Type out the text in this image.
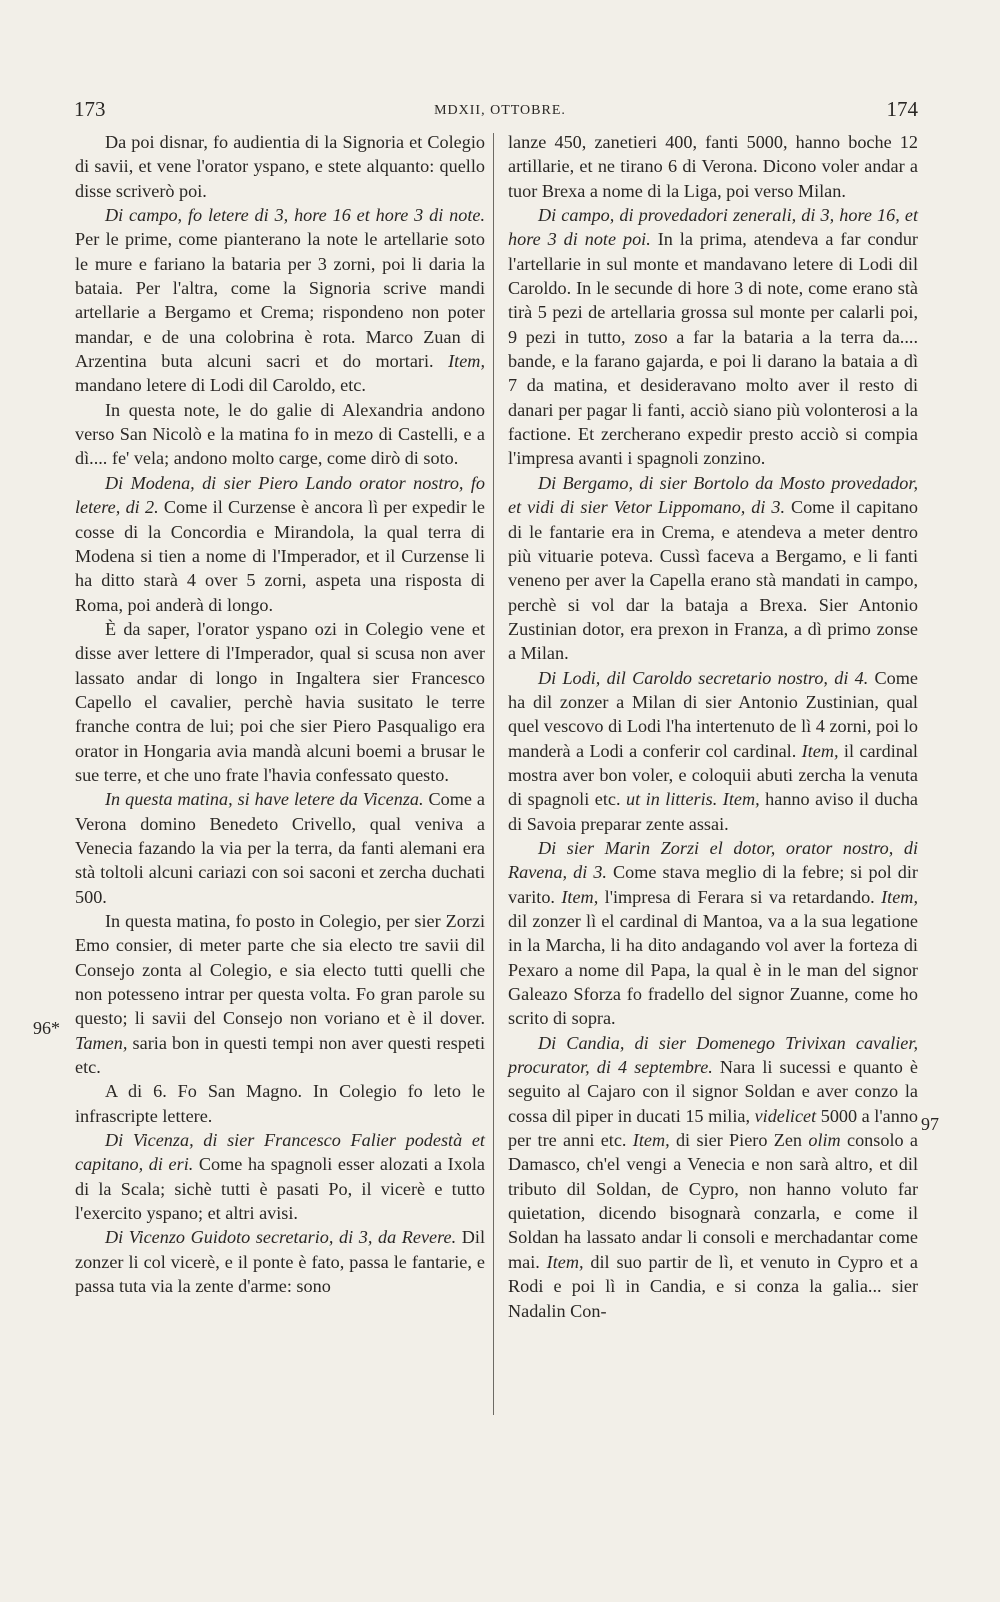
173	MDXII, OTTOBRE.	174
96*
97

Da poi disnar, fo audientia di la Signoria et Colegio di savii, et vene l'orator yspano, e stete alquanto: quello disse scriverò poi.

Di campo, fo letere di 3, hore 16 et hore 3 di note. Per le prime, come pianterano la note le artellarie soto le mure e fariano la bataria per 3 zorni, poi li daria la bataia. Per l'altra, come la Signoria scrive mandi artellarie a Bergamo et Crema; rispondeno non poter mandar, e de una colobrina è rota. Marco Zuan di Arzentina buta alcuni sacri et do mortari. Item, mandano letere di Lodi dil Caroldo, etc.

In questa note, le do galie di Alexandria andono verso San Nicolò e la matina fo in mezo di Castelli, e a dì.... fe' vela; andono molto carge, come dirò di soto.

Di Modena, di sier Piero Lando orator nostro, fo letere, di 2. Come il Curzense è ancora lì per expedir le cosse di la Concordia e Mirandola, la qual terra di Modena si tien a nome di l'Imperador, et il Curzense li ha ditto starà 4 over 5 zorni, aspeta una risposta di Roma, poi anderà di longo.

È da saper, l'orator yspano ozi in Colegio vene et disse aver lettere di l'Imperador, qual si scusa non aver lassato andar di longo in Ingaltera sier Francesco Capello el cavalier, perchè havia susitato le terre franche contra de lui; poi che sier Piero Pasqualigo era orator in Hongaria avia mandà alcuni boemi a brusar le sue terre, et che uno frate l'havia confessato questo.

In questa matina, si have letere da Vicenza. Come a Verona domino Benedeto Crivello, qual veniva a Venecia fazando la via per la terra, da fanti alemani era stà toltoli alcuni cariazi con soi saconi et zercha duchati 500.

In questa matina, fo posto in Colegio, per sier Zorzi Emo consier, di meter parte che sia electo tre savii dil Consejo zonta al Colegio, e sia electo tutti quelli che non potesseno intrar per questa volta. Fo gran parole su questo; li savii del Consejo non voriano et è il dover. Tamen, saria bon in questi tempi non aver questi respeti etc.

A di 6. Fo San Magno. In Colegio fo leto le infrascripte lettere.

Di Vicenza, di sier Francesco Falier podestà et capitano, di eri. Come ha spagnoli esser alozati a Ixola di la Scala; sichè tutti è pasati Po, il vicerè e tutto l'exercito yspano; et altri avisi.

Di Vicenzo Guidoto secretario, di 3, da Revere. Dil zonzer li col vicerè, e il ponte è fato, passa le fantarie, e passa tuta via la zente d'arme: sono

lanze 450, zanetieri 400, fanti 5000, hanno boche 12 artillarie, et ne tirano 6 di Verona. Dicono voler andar a tuor Brexa a nome di la Liga, poi verso Milan.

Di campo, di provedadori zenerali, di 3, hore 16, et hore 3 di note poi. In la prima, atendeva a far condur l'artellarie in sul monte et mandavano letere di Lodi dil Caroldo. In le secunde di hore 3 di note, come erano stà tirà 5 pezi de artellaria grossa sul monte per calarli poi, 9 pezi in tutto, zoso a far la bataria a la terra da.... bande, e la farano gajarda, e poi li darano la bataia a dì 7 da matina, et desideravano molto aver il resto di danari per pagar li fanti, acciò siano più volonterosi a la factione. Et zercherano expedir presto acciò si compia l'impresa avanti i spagnoli zonzino.

Di Bergamo, di sier Bortolo da Mosto provedador, et vidi di sier Vetor Lippomano, di 3. Come il capitano di le fantarie era in Crema, e atendeva a meter dentro più vituarie poteva. Cussì faceva a Bergamo, e li fanti veneno per aver la Capella erano stà mandati in campo, perchè si vol dar la bataja a Brexa. Sier Antonio Zustinian dotor, era prexon in Franza, a dì primo zonse a Milan.

Di Lodi, dil Caroldo secretario nostro, di 4. Come ha dil zonzer a Milan di sier Antonio Zustinian, qual quel vescovo di Lodi l'ha intertenuto de lì 4 zorni, poi lo manderà a Lodi a conferir col cardinal. Item, il cardinal mostra aver bon voler, e coloquii abuti zercha la venuta di spagnoli etc. ut in litteris. Item, hanno aviso il ducha di Savoia preparar zente assai.

Di sier Marin Zorzi el dotor, orator nostro, di Ravena, di 3. Come stava meglio di la febre; si pol dir varito. Item, l'impresa di Ferara si va retardando. Item, dil zonzer lì el cardinal di Mantoa, va a la sua legatione in la Marcha, li ha dito andagando vol aver la forteza di Pexaro a nome dil Papa, la qual è in le man del signor Galeazo Sforza fo fradello del signor Zuanne, come ho scrito di sopra.

Di Candia, di sier Domenego Trivixan cavalier, procurator, di 4 septembre. Nara li sucessi e quanto è seguito al Cajaro con il signor Soldan e aver conzo la cossa dil piper in ducati 15 milia, videlicet 5000 a l'anno per tre anni etc. Item, di sier Piero Zen olim consolo a Damasco, ch'el vengi a Venecia e non sarà altro, et dil tributo dil Soldan, de Cypro, non hanno voluto far quietation, dicendo bisognarà conzarla, e come il Soldan ha lassato andar li consoli e merchadantar come mai. Item, dil suo partir de lì, et venuto in Cypro et a Rodi e poi lì in Candia, e si conza la galia... sier Nadalin Con-
